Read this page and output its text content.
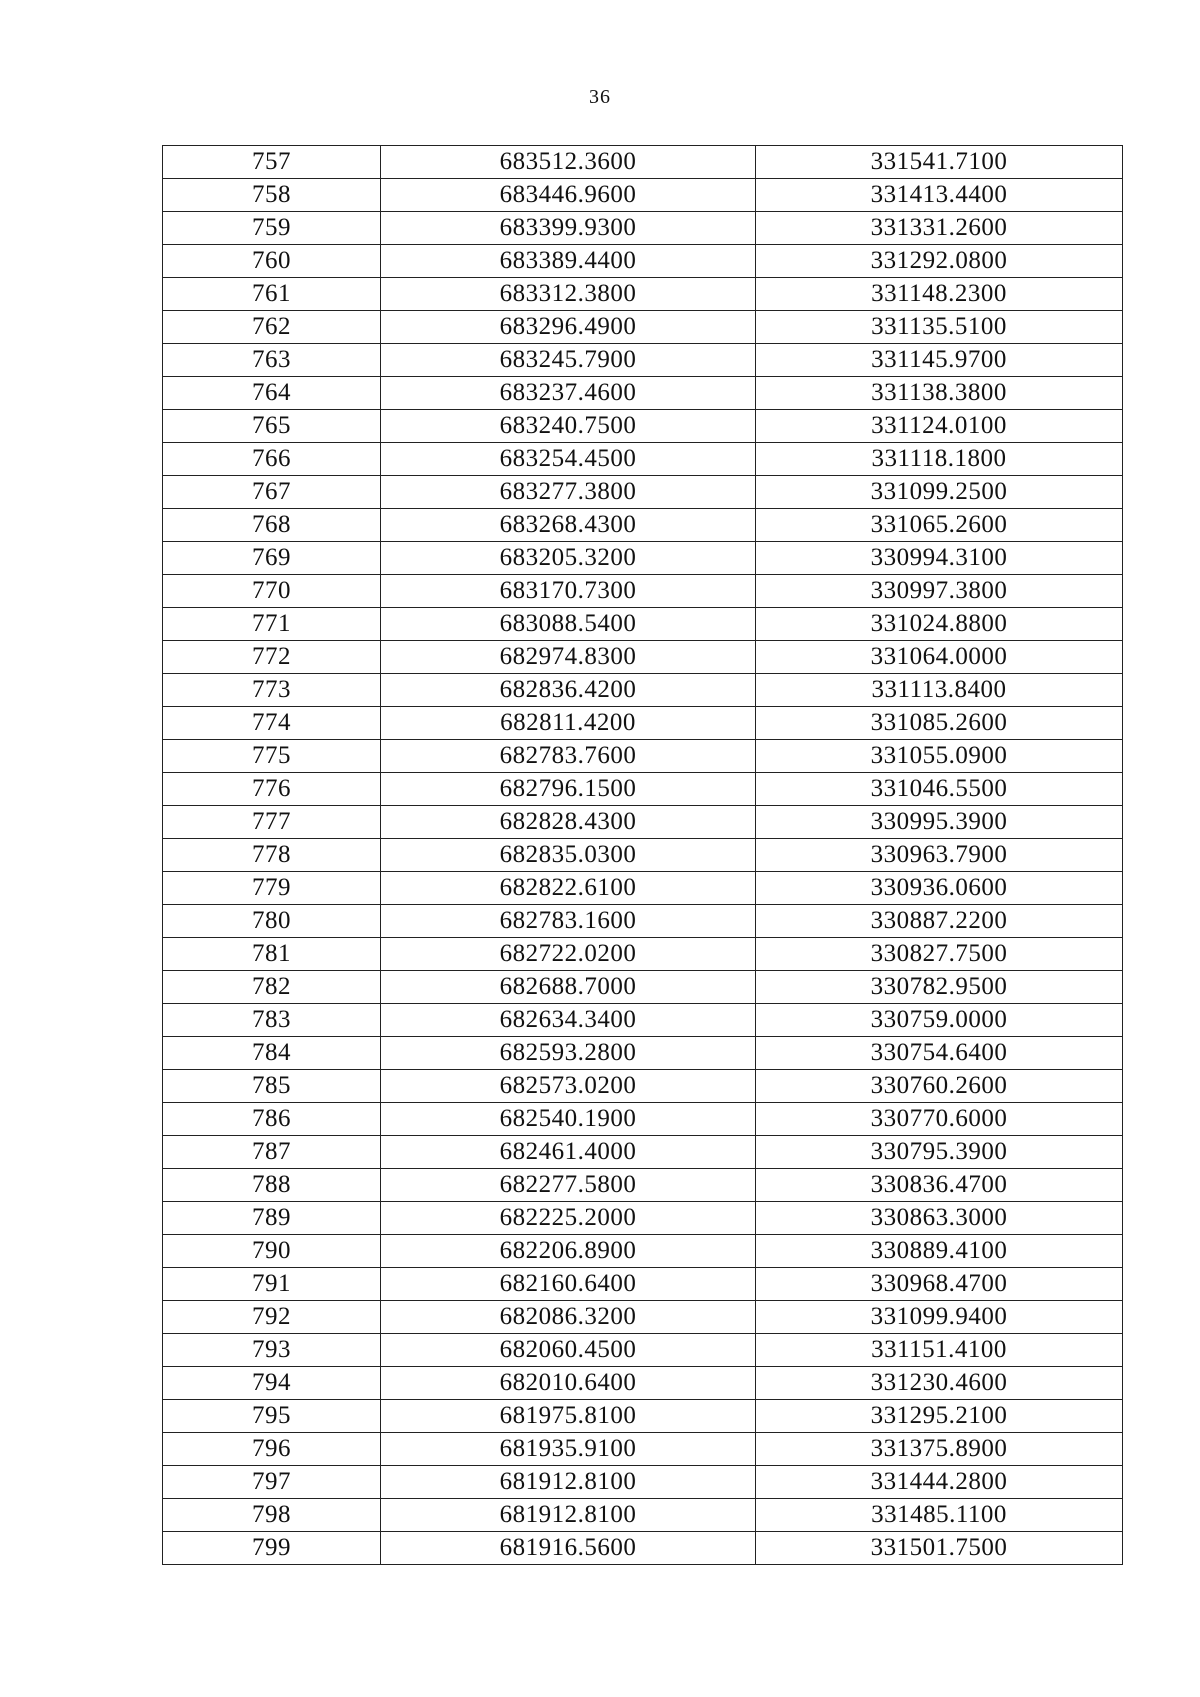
36
757	683512.3600	331541.7100
758	683446.9600	331413.4400
759	683399.9300	331331.2600
760	683389.4400	331292.0800
761	683312.3800	331148.2300
762	683296.4900	331135.5100
763	683245.7900	331145.9700
764	683237.4600	331138.3800
765	683240.7500	331124.0100
766	683254.4500	331118.1800
767	683277.3800	331099.2500
768	683268.4300	331065.2600
769	683205.3200	330994.3100
770	683170.7300	330997.3800
771	683088.5400	331024.8800
772	682974.8300	331064.0000
773	682836.4200	331113.8400
774	682811.4200	331085.2600
775	682783.7600	331055.0900
776	682796.1500	331046.5500
777	682828.4300	330995.3900
778	682835.0300	330963.7900
779	682822.6100	330936.0600
780	682783.1600	330887.2200
781	682722.0200	330827.7500
782	682688.7000	330782.9500
783	682634.3400	330759.0000
784	682593.2800	330754.6400
785	682573.0200	330760.2600
786	682540.1900	330770.6000
787	682461.4000	330795.3900
788	682277.5800	330836.4700
789	682225.2000	330863.3000
790	682206.8900	330889.4100
791	682160.6400	330968.4700
792	682086.3200	331099.9400
793	682060.4500	331151.4100
794	682010.6400	331230.4600
795	681975.8100	331295.2100
796	681935.9100	331375.8900
797	681912.8100	331444.2800
798	681912.8100	331485.1100
799	681916.5600	331501.7500
